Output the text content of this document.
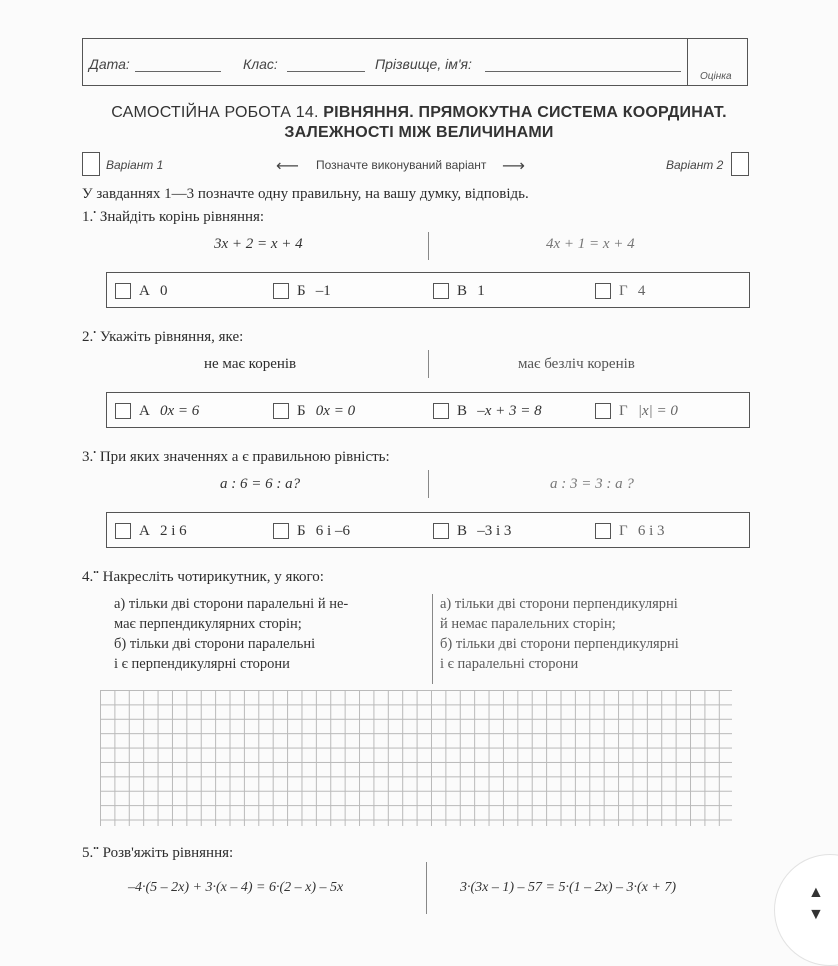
Дата:	Клас:	Прізвище, ім'я:
Оцінка
САМОСТІЙНА РОБОТА 14. РІВНЯННЯ. ПРЯМОКУТНА СИСТЕМА КООРДИНАТ.
ЗАЛЕЖНОСТІ МІЖ ВЕЛИЧИНАМИ
Варіант 1	⟵ Позначте виконуваний варіант ⟶	Варіант 2
У завданнях 1—3 позначте одну правильну, на вашу думку, відповідь.
1.• Знайдіть корінь рівняння:
3x + 2 = x + 4	4x + 1 = x + 4
А
0	Б
–1	В
1	Г
4
2.• Укажіть рівняння, яке:
не має коренів	має безліч коренів
А
0x = 6	Б
0x = 0	В
–x + 3 = 8	Г
|x| = 0
3.• При яких значеннях a є правильною рівність:
a : 6 = 6 : a?	a : 3 = 3 : a ?
А
2 і 6	Б
6 і –6	В
–3 і 3	Г
6 і 3
4.•• Накресліть чотирикутник, у якого:
а) тільки дві сторони паралельні й не-
має перпендикулярних сторін;
б) тільки дві сторони паралельні
і є перпендикулярні сторони
а) тільки дві сторони перпендикулярні
й немає паралельних сторін;
б) тільки дві сторони перпендикулярні
і є паралельні сторони
5.•• Розв'яжіть рівняння:
–4·(5 – 2x) + 3·(x – 4) = 6·(2 – x) – 5x	3·(3x – 1) – 57 = 5·(1 – 2x) – 3·(x + 7)	▲
▼
